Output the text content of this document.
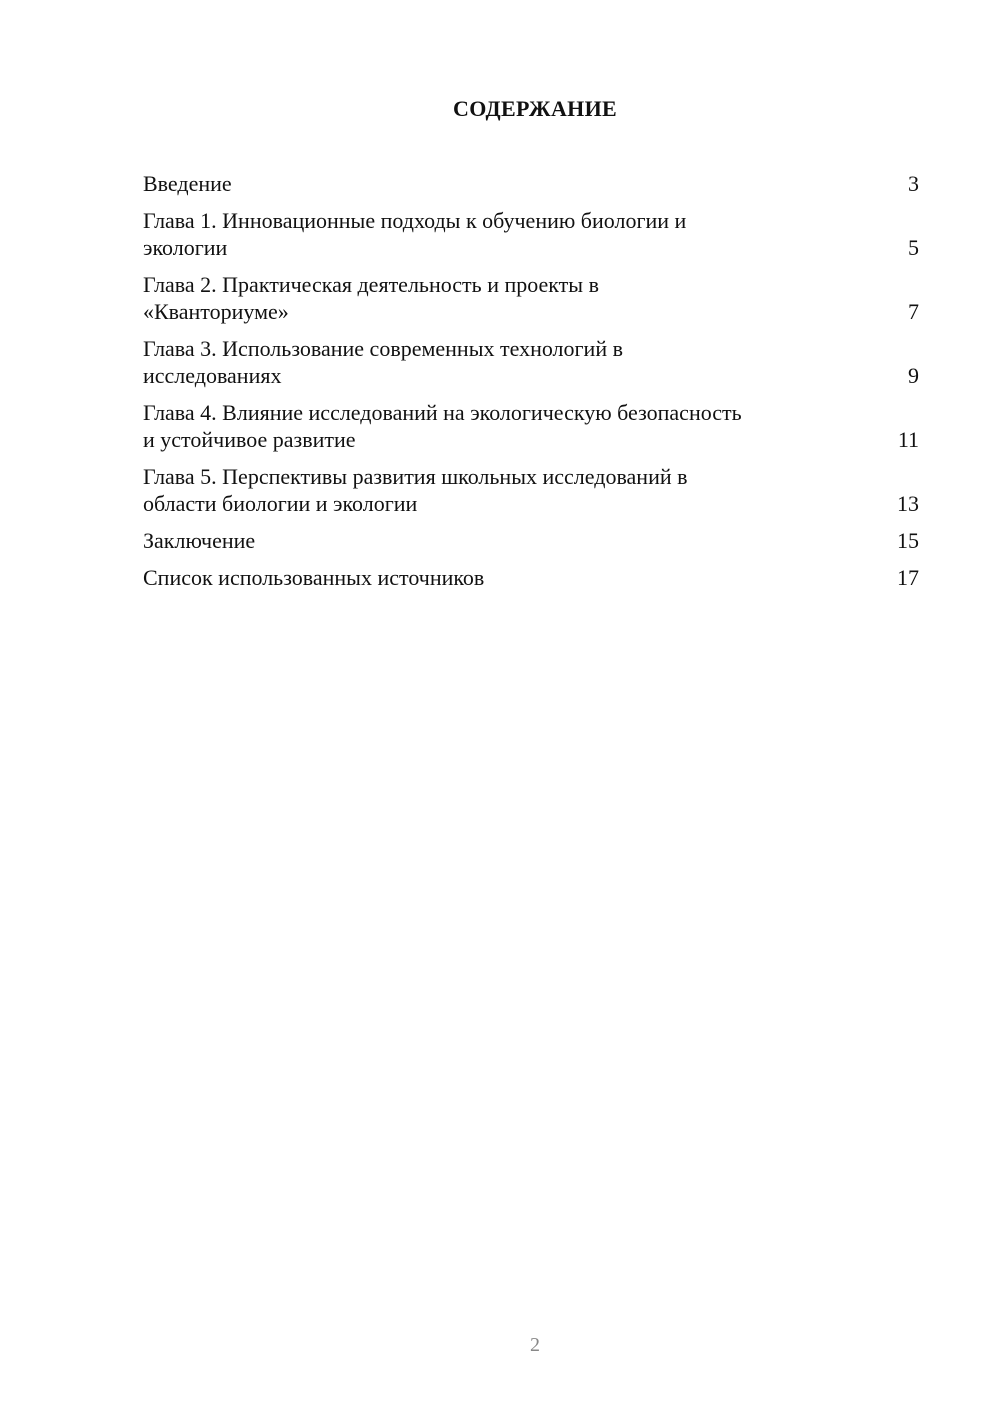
СОДЕРЖАНИЕ
Введение	3
Глава 1. Инновационные подходы к обучению биологии и
экологии	5
Глава 2. Практическая деятельность и проекты в
«Кванториуме»	7
Глава 3. Использование современных технологий в
исследованиях	9
Глава 4. Влияние исследований на экологическую безопасность
и устойчивое развитие	11
Глава 5. Перспективы развития школьных исследований в
области биологии и экологии	13
Заключение	15
Список использованных источников	17
2
